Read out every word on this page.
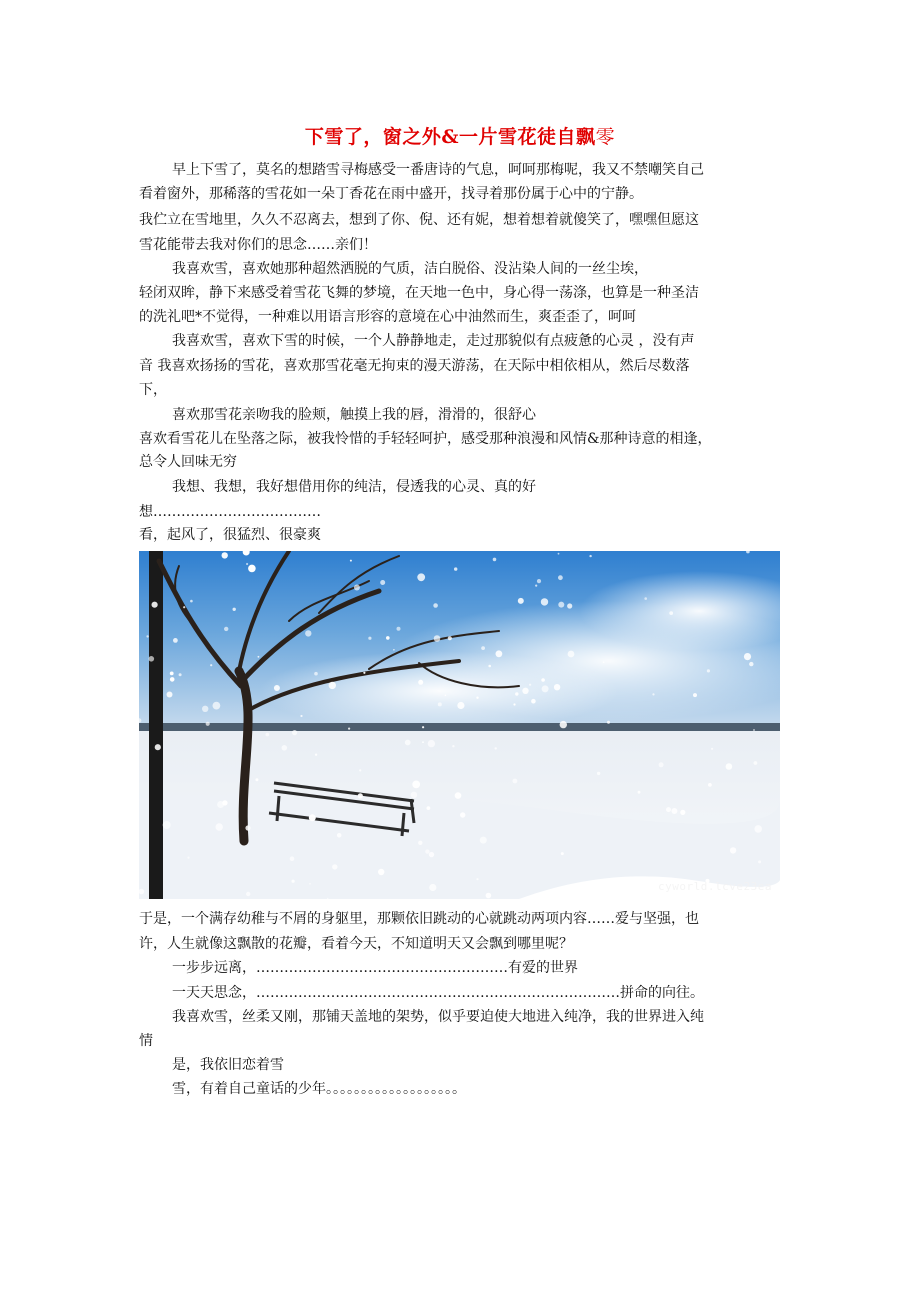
下雪了，窗之外&一片雪花徒自飘零
早上下雪了，莫名的想踏雪寻梅感受一番唐诗的气息，呵呵那梅呢，我又不禁嘲笑自己
看着窗外，那稀落的雪花如一朵丁香花在雨中盛开，找寻着那份属于心中的宁静。
我伫立在雪地里，久久不忍离去，想到了你、倪、还有妮，想着想着就傻笑了，嘿嘿但愿这
雪花能带去我对你们的思念……亲们！
我喜欢雪，喜欢她那种超然洒脱的气质，洁白脱俗、没沾染人间的一丝尘埃，
轻闭双眸，静下来感受着雪花飞舞的梦境，在天地一色中，身心得一荡涤，也算是一种圣洁
的洗礼吧*不觉得，一种难以用语言形容的意境在心中油然而生，爽歪歪了，呵呵
我喜欢雪，喜欢下雪的时候，一个人静静地走，走过那貌似有点疲惫的心灵 ，没有声
音 我喜欢扬扬的雪花，喜欢那雪花毫无拘束的漫天游荡，在天际中相依相从，然后尽数落
下，
喜欢那雪花亲吻我的脸颊，触摸上我的唇，滑滑的，很舒心
喜欢看雪花儿在坠落之际，被我怜惜的手轻轻呵护，感受那种浪漫和风情&那种诗意的相逢，
总令人回味无穷
我想、我想，我好想借用你的纯洁，侵透我的心灵、真的好
想………………………………
看，起风了，很猛烈、很豪爽
cyworld.lcve23ea
于是，一个满存幼稚与不屑的身躯里，那颗依旧跳动的心就跳动两项内容……爱与坚强，也
许，人生就像这飘散的花瓣，看着今天，不知道明天又会飘到哪里呢？
一步步远离，………………………………………………有爱的世界
一天天思念，……………………………………………………………………拼命的向往。
我喜欢雪，丝柔又刚，那铺天盖地的架势，似乎要迫使大地进入纯净，我的世界进入纯
情
是，我依旧恋着雪
雪，有着自己童话的少年。。。。。。。。。。。。。。。。。。。
